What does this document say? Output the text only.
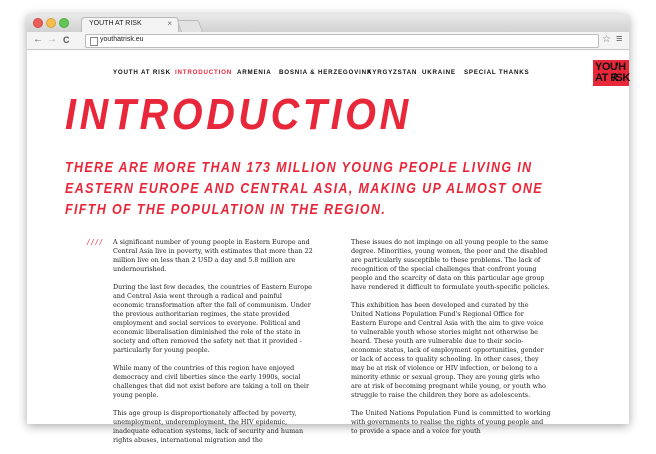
YOUTH AT RISK	×
← → C	youthatrisk.eu	☆ ≡
YOUTH AT RISK INTRODUCTION ARMENIA BOSNIA & HERZEGOVINA
KYRGYZSTAN UKRAINE SPECIAL THANKS	YOU
'H
AT R
/SK
INTRODUCTION
THERE ARE MORE THAN 173 MILLION YOUNG PEOPLE LIVING IN EASTERN EUROPE AND CENTRAL ASIA, MAKING UP ALMOST ONE FIFTH OF THE POPULATION IN THE REGION.
//// A significant number of young people in Eastern Europe and Central Asia live in poverty, with estimates that more than 22 million live on less than 2 USD a day and 5.8 million are undernourished.

During the last few decades, the countries of Eastern Europe and Central Asia went through a radical and painful economic transformation after the fall of communism. Under the previous authoritarian regimes, the state provided employment and social services to everyone. Political and economic liberalisation diminished the role of the state in society and often removed the safety net that it provided - particularly for young people.

While many of the countries of this region have enjoyed democracy and civil liberties since the early 1990s, social challenges that did not exist before are taking a toll on their young people.

This age group is disproportionately affected by poverty, unemployment, underemployment, the HIV epidemic, inadequate education systems, lack of security and human rights abuses, international migration and the

These issues do not impinge on all young people to the same degree. Minorities, young women, the poor and the disabled are particularly susceptible to these problems. The lack of recognition of the special challenges that confront young people and the scarcity of data on this particular age group have rendered it difficult to formulate youth-specific policies.

This exhibition has been developed and curated by the United Nations Population Fund's Regional Office for Eastern Europe and Central Asia with the aim to give voice to vulnerable youth whose stories might not otherwise be heard. These youth are vulnerable due to their socio-economic status, lack of employment opportunities, gender or lack of access to quality schooling. In other cases, they may be at risk of violence or HIV infection, or belong to a minority ethnic or sexual group. They are young girls who are at risk of becoming pregnant while young, or youth who struggle to raise the children they bore as adolescents.

The United Nations Population Fund is committed to working with governments to realise the rights of young people and to provide a space and a voice for youth
